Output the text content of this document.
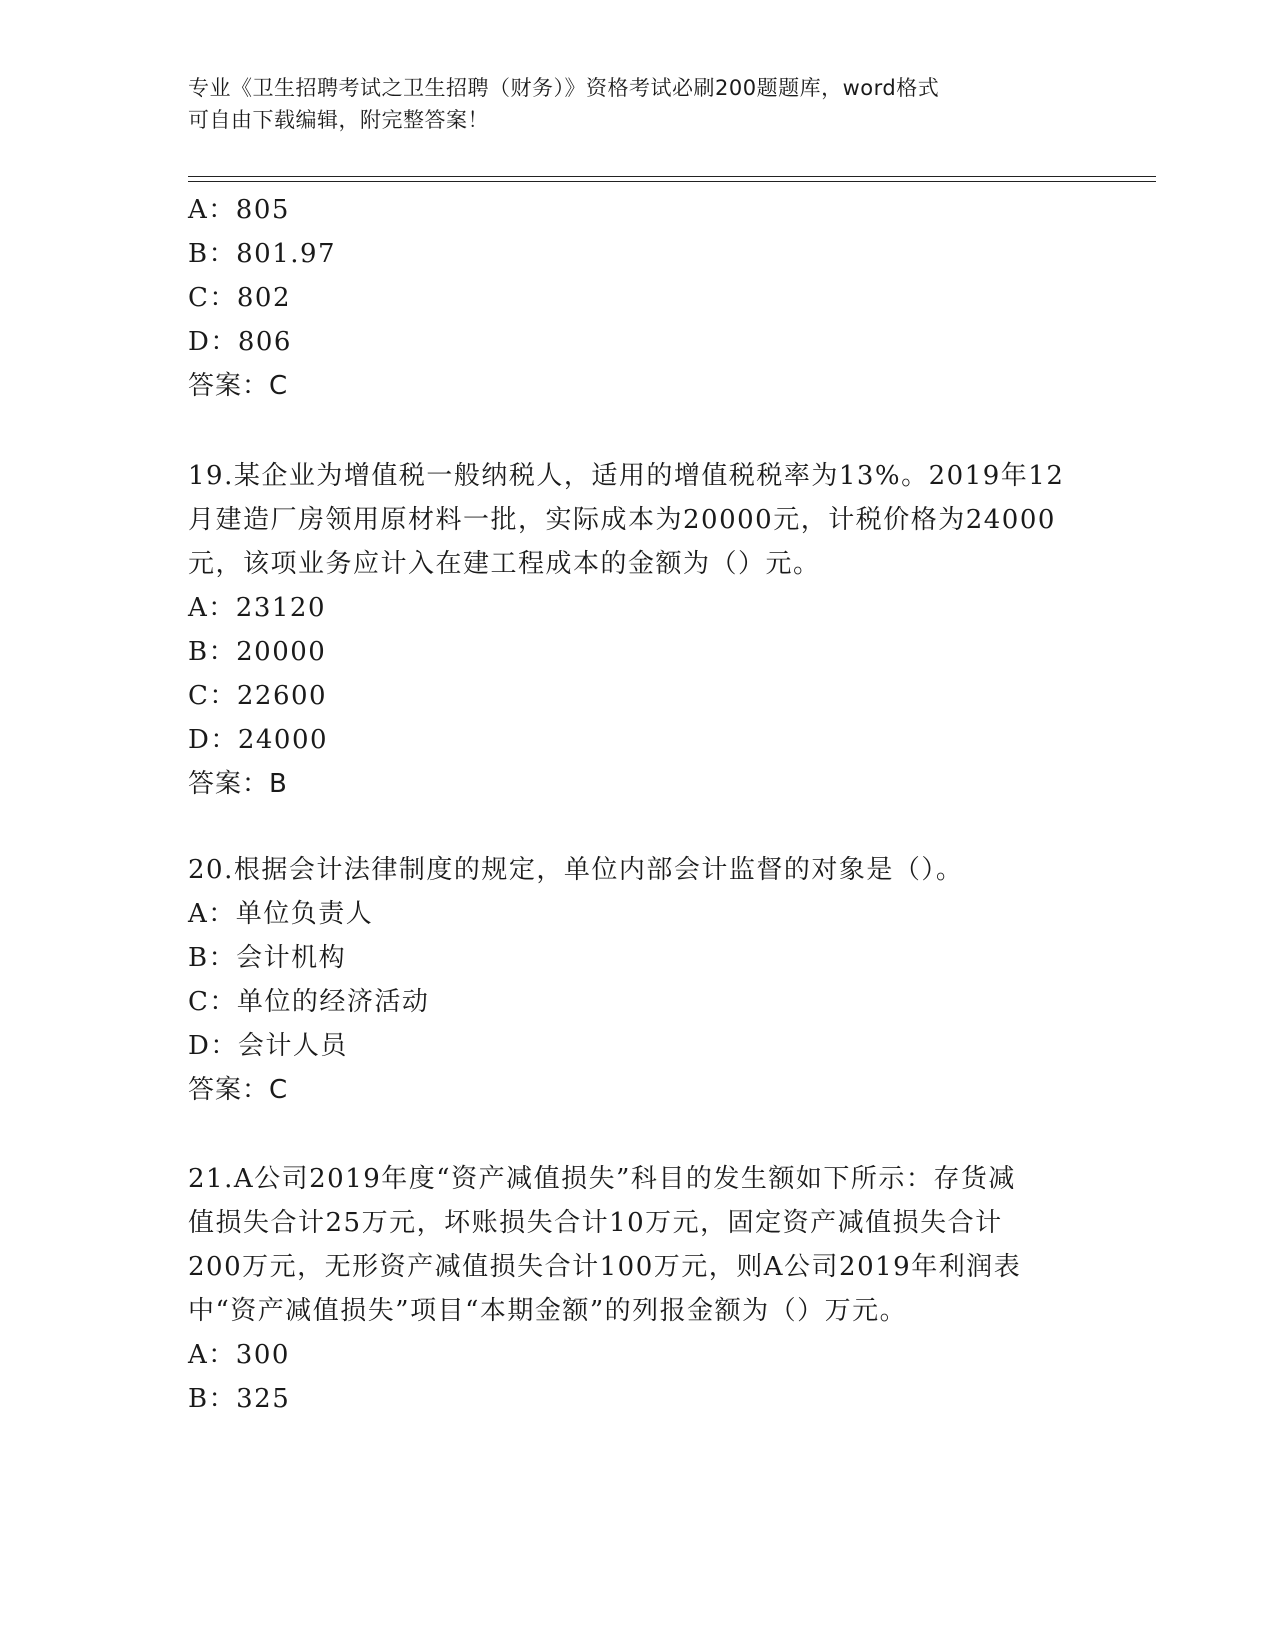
专业《卫生招聘考试之卫生招聘（财务）》资格考试必刷200题题库，word格式
可自由下载编辑，附完整答案！
A：805
B：801.97
C：802
D：806
答案：C
19.某企业为增值税一般纳税人，适用的增值税税率为13%。2019年12
月建造厂房领用原材料一批，实际成本为20000元，计税价格为24000
元，该项业务应计入在建工程成本的金额为（）元。
A：23120
B：20000
C：22600
D：24000
答案：B
20.根据会计法律制度的规定，单位内部会计监督的对象是（）。
A：单位负责人
B：会计机构
C：单位的经济活动
D：会计人员
答案：C
21.A公司2019年度“资产减值损失”科目的发生额如下所示：存货减
值损失合计25万元，坏账损失合计10万元，固定资产减值损失合计
200万元，无形资产减值损失合计100万元，则A公司2019年利润表
中“资产减值损失”项目“本期金额”的列报金额为（）万元。
A：300
B：325
